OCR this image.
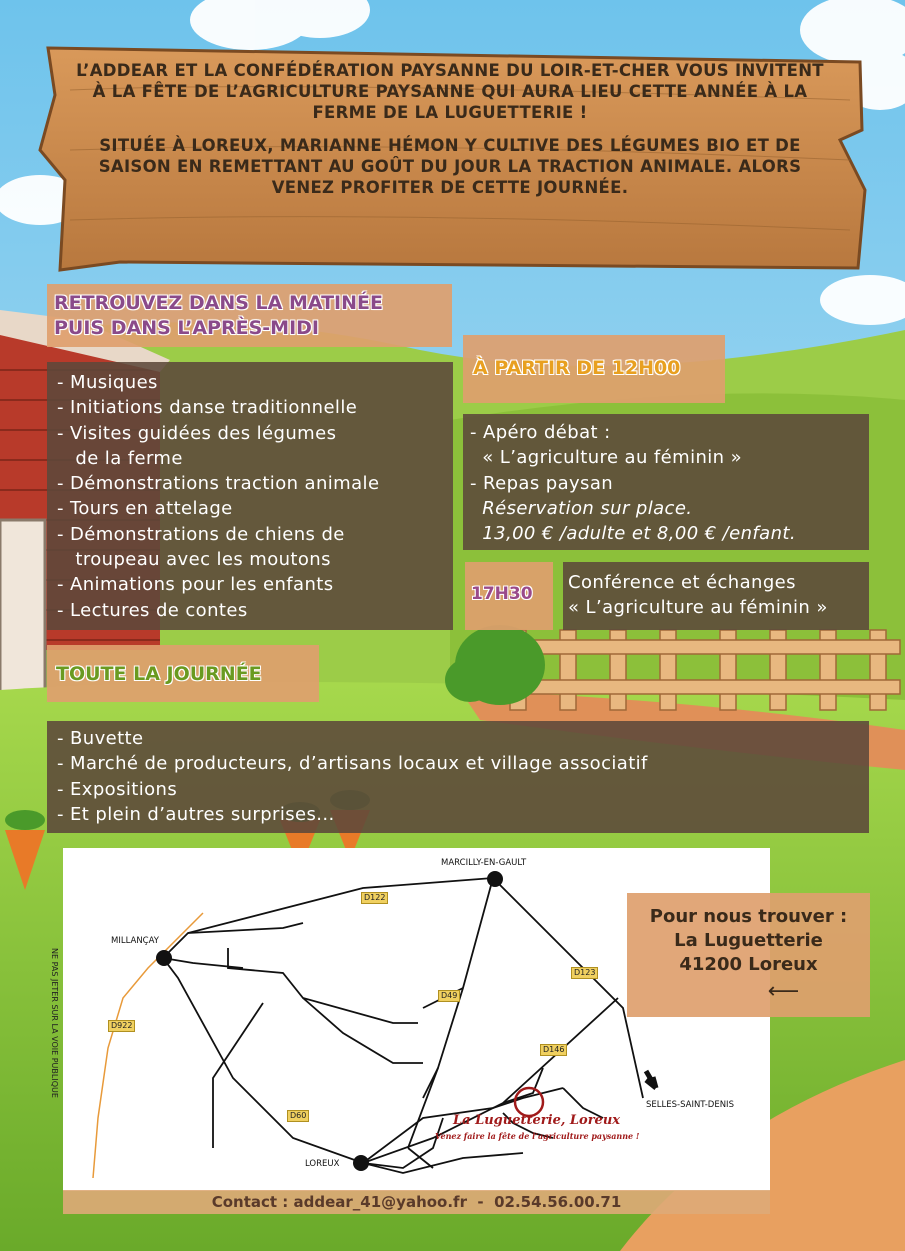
L’ADDEAR ET LA CONFÉDÉRATION PAYSANNE DU LOIR-ET-CHER VOUS INVITENT À LA FÊTE DE L’AGRICULTURE PAYSANNE QUI AURA LIEU CETTE ANNÉE À LA FERME DE LA LUGUETTERIE !

SITUÉE À LOREUX, MARIANNE HÉMON Y CULTIVE DES LÉGUMES BIO ET DE SAISON EN REMETTANT AU GOÛT DU JOUR LA TRACTION ANIMALE. ALORS VENEZ PROFITER DE CETTE JOURNÉE.

RETROUVEZ DANS LA MATINÉE
PUIS DANS L’APRÈS-MIDI
- Musiques
- Initiations danse traditionnelle
- Visites guidées des légumes
de la ferme
- Démonstrations traction animale
- Tours en attelage
- Démonstrations de chiens de
troupeau avec les moutons
- Animations pour les enfants
- Lectures de contes
À PARTIR DE 12H00
- Apéro débat :
« L’agriculture au féminin »
- Repas paysan
Réservation sur place.
13,00 € /adulte et 8,00 € /enfant.
17H30
Conférence et échanges
« L’agriculture au féminin »
TOUTE LA JOURNÉE
- Buvette
- Marché de producteurs, d’artisans locaux et village associatif
- Expositions
- Et plein d’autres surprises...
MARCILLY-EN-GAULT
MILLANÇAY
LOREUX
SELLES-SAINT-DENIS
D122
D123
D49
D146
D922
D60	La Luguetterie, Loreux
Venez faire la fête de l’agriculture paysanne !
Pour nous trouver :
La Luguetterie
41200 Loreux
⟵
Contact : addear_41@yahoo.fr  -  02.54.56.00.71
NE PAS JETER SUR LA VOIE PUBLIQUE
